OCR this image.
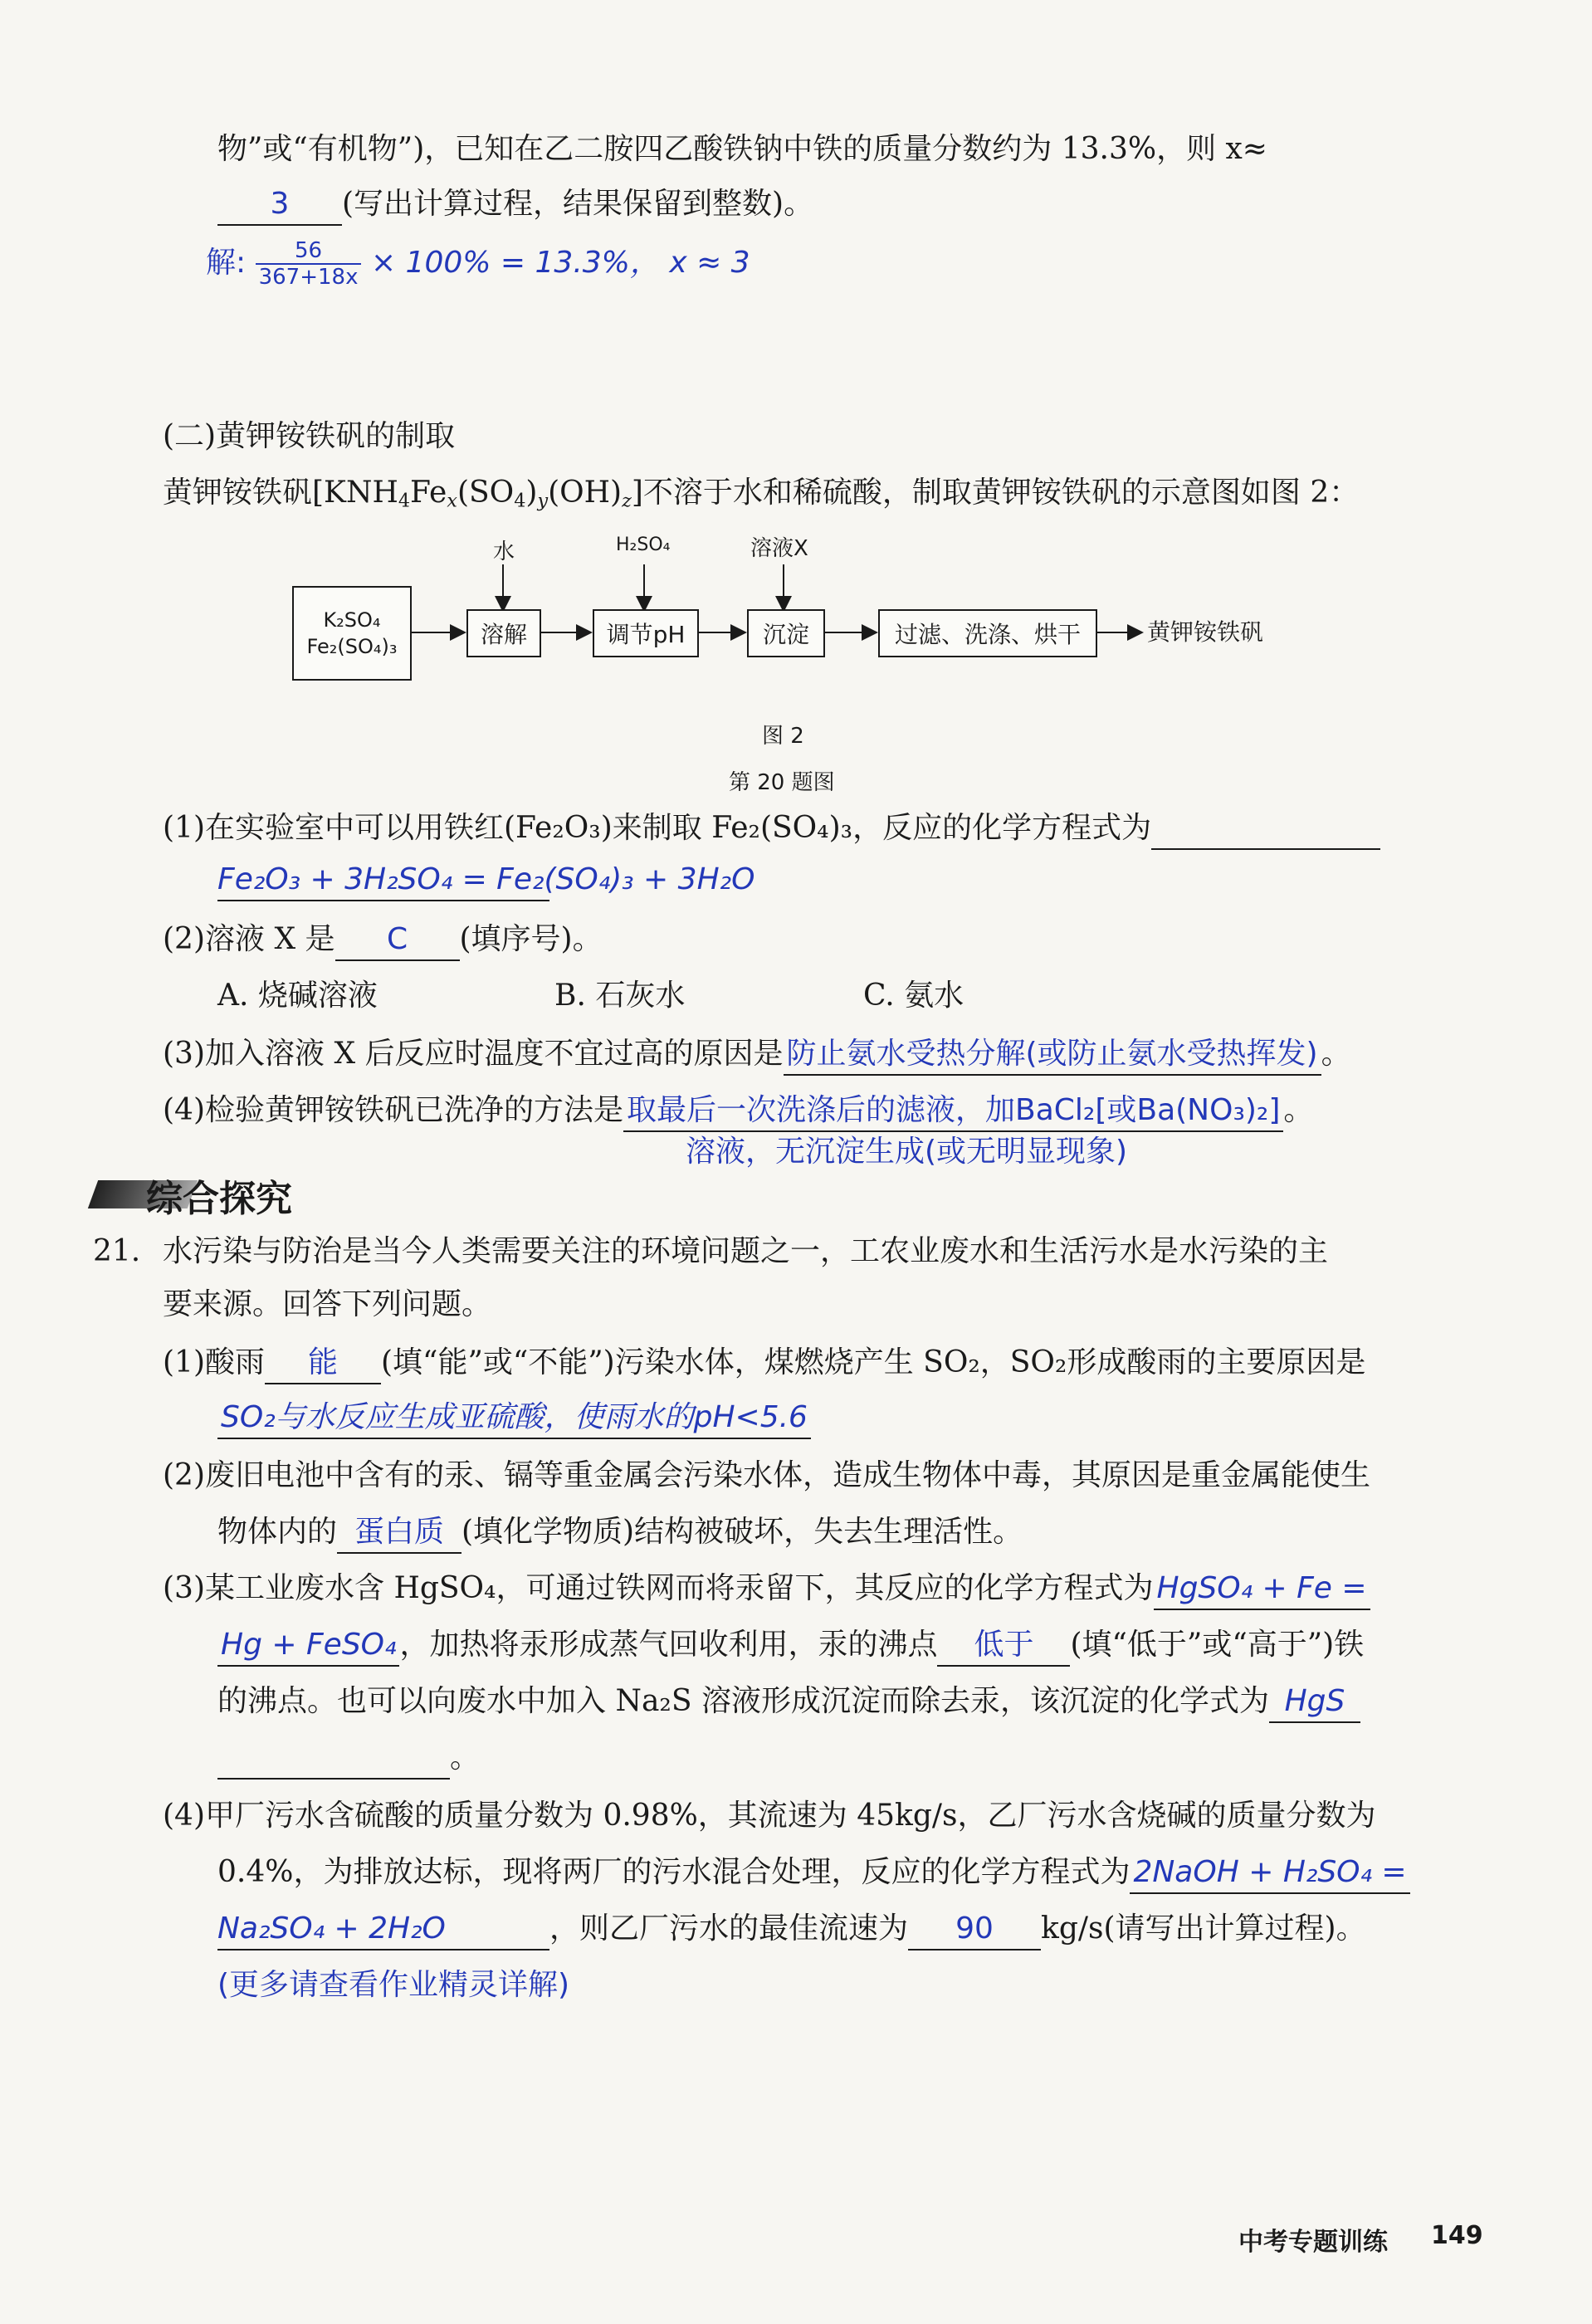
物”或“有机物”)，已知在乙二胺四乙酸铁钠中铁的质量分数约为 13.3%，则 x≈
3 (写出计算过程，结果保留到整数)。
解: $\frac{56}{367+18x} \times 100\% = 13.3\%$， x ≈ 3
(二)黄钾铵铁矾的制取
黄钾铵铁矾$[KNH_4Fe_x(SO_4)_y(OH)_z]$不溶于水和稀硫酸，制取黄钾铵铁矾的示意图如图 2：
K₂SO₄
Fe₂(SO₄)₃	溶解	调节pH	沉淀	过滤、洗涤、烘干	黄钾铵铁矾
水	H₂SO₄	溶液X
图 2
第 20 题图
(1)在实验室中可以用铁红(Fe₂O₃)来制取 Fe₂(SO₄)₃，反应的化学方程式为
Fe₂O₃ + 3H₂SO₄ = Fe₂(SO₄)₃ + 3H₂O
(2)溶液 X 是 C (填序号)。
A. 烧碱溶液	B. 石灰水	C. 氨水
(3)加入溶液 X 后反应时温度不宜过高的原因是 防止氨水受热分解(或防止氨水受热挥发) 。
(4)检验黄钾铵铁矾已洗净的方法是 取最后一次洗涤后的滤液，加BaCl₂[或Ba(NO₃)₂] 。
溶液，无沉淀生成(或无明显现象)
综合探究
21. 水污染与防治是当今人类需要关注的环境问题之一，工农业废水和生活污水是水污染的主
要来源。回答下列问题。
(1)酸雨 能 (填“能”或“不能”)污染水体，煤燃烧产生 SO₂，SO₂形成酸雨的主要原因是
SO₂与水反应生成亚硫酸，使雨水的pH<5.6
(2)废旧电池中含有的汞、镉等重金属会污染水体，造成生物体中毒，其原因是重金属能使生
物体内的 蛋白质 (填化学物质)结构被破坏，失去生理活性。
(3)某工业废水含 HgSO₄，可通过铁网而将汞留下，其反应的化学方程式为 HgSO₄ + Fe =
Hg + FeSO₄ ，加热将汞形成蒸气回收利用，汞的沸点 低于 (填“低于”或“高于”)铁
的沸点。也可以向废水中加入 Na₂S 溶液形成沉淀而除去汞，该沉淀的化学式为 HgS
。
(4)甲厂污水含硫酸的质量分数为 0.98%，其流速为 45kg/s，乙厂污水含烧碱的质量分数为
0.4%，为排放达标，现将两厂的污水混合处理，反应的化学方程式为 2NaOH + H₂SO₄ =
Na₂SO₄ + 2H₂O	，则乙厂污水的最佳流速为 90 kg/s(请写出计算过程)。
(更多请查看作业精灵详解)
中考专题训练 149
